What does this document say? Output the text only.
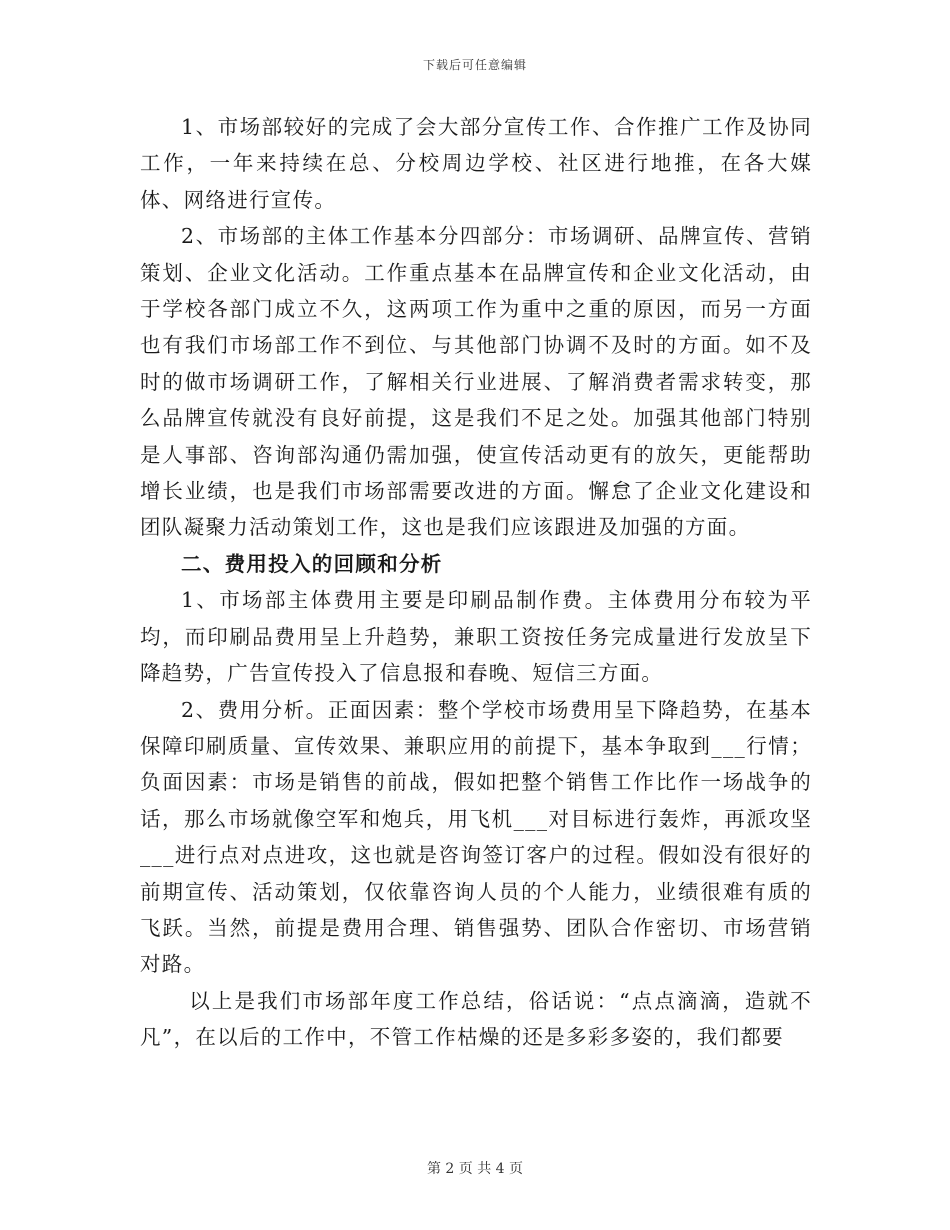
下载后可任意编辑

1、市场部较好的完成了会大部分宣传工作、合作推广工作及协同工作，一年来持续在总、分校周边学校、社区进行地推，在各大媒体、网络进行宣传。

2、市场部的主体工作基本分四部分：市场调研、品牌宣传、营销策划、企业文化活动。工作重点基本在品牌宣传和企业文化活动，由于学校各部门成立不久，这两项工作为重中之重的原因，而另一方面也有我们市场部工作不到位、与其他部门协调不及时的方面。如不及时的做市场调研工作，了解相关行业进展、了解消费者需求转变，那么品牌宣传就没有良好前提，这是我们不足之处。加强其他部门特别是人事部、咨询部沟通仍需加强，使宣传活动更有的放矢，更能帮助增长业绩，也是我们市场部需要改进的方面。懈怠了企业文化建设和团队凝聚力活动策划工作，这也是我们应该跟进及加强的方面。

二、费用投入的回顾和分析

1、市场部主体费用主要是印刷品制作费。主体费用分布较为平均，而印刷品费用呈上升趋势，兼职工资按任务完成量进行发放呈下降趋势，广告宣传投入了信息报和春晚、短信三方面。

2、费用分析。正面因素：整个学校市场费用呈下降趋势，在基本保障印刷质量、宣传效果、兼职应用的前提下，基本争取到___行情；负面因素：市场是销售的前战，假如把整个销售工作比作一场战争的话，那么市场就像空军和炮兵，用飞机___对目标进行轰炸，再派攻坚___进行点对点进攻，这也就是咨询签订客户的过程。假如没有很好的前期宣传、活动策划，仅依靠咨询人员的个人能力，业绩很难有质的飞跃。当然，前提是费用合理、销售强势、团队合作密切、市场营销对路。

以上是我们市场部年度工作总结，俗话说：“点点滴滴，造就不凡”，在以后的工作中，不管工作枯燥的还是多彩多姿的，我们都要

第 2 页 共 4 页
